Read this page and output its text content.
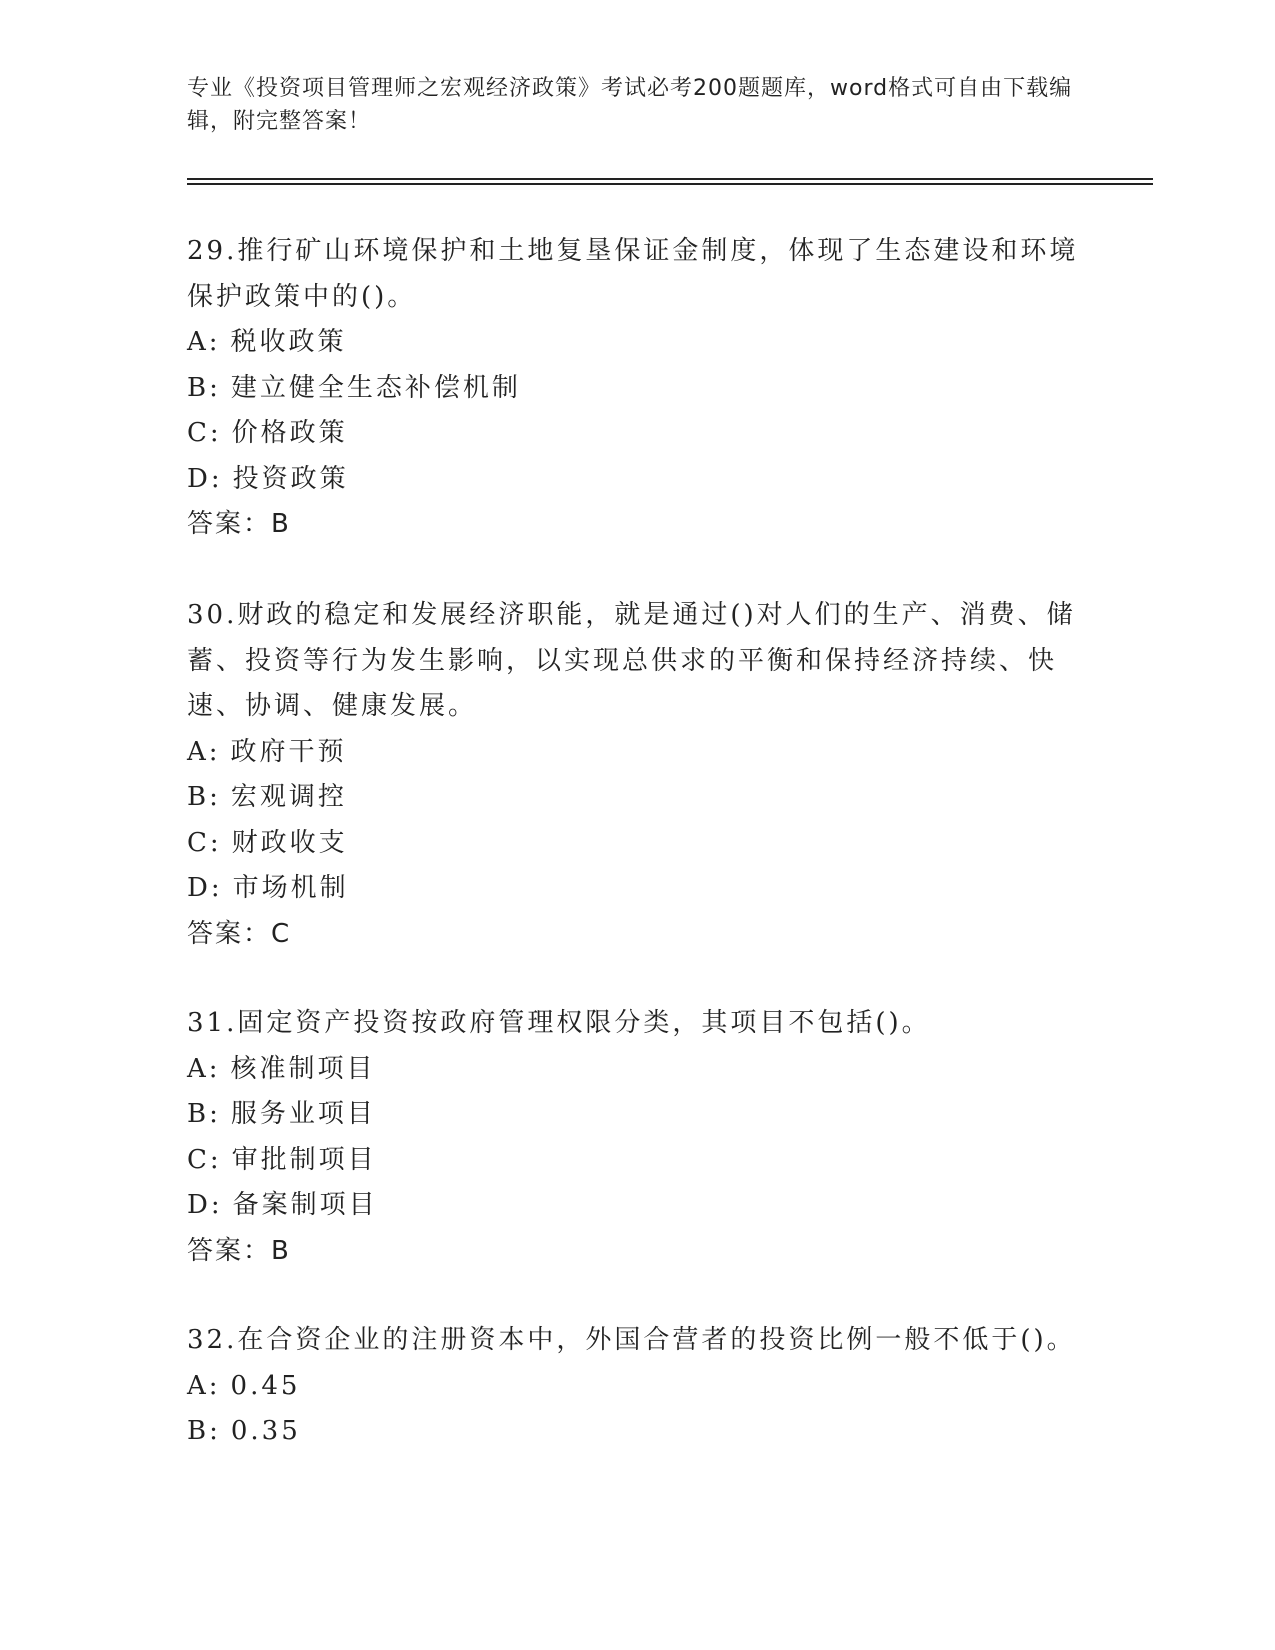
专业《投资项目管理师之宏观经济政策》考试必考200题题库，word格式可自由下载编辑，附完整答案！

29.推行矿山环境保护和土地复垦保证金制度，体现了生态建设和环境保护政策中的()。

A: 税收政策

B: 建立健全生态补偿机制

C: 价格政策

D: 投资政策

答案：B

30.财政的稳定和发展经济职能，就是通过()对人们的生产、消费、储蓄、投资等行为发生影响，以实现总供求的平衡和保持经济持续、快速、协调、健康发展。

A: 政府干预

B: 宏观调控

C: 财政收支

D: 市场机制

答案：C

31.固定资产投资按政府管理权限分类，其项目不包括()。

A: 核准制项目

B: 服务业项目

C: 审批制项目

D: 备案制项目

答案：B

32.在合资企业的注册资本中，外国合营者的投资比例一般不低于()。

A: 0.45

B: 0.35
